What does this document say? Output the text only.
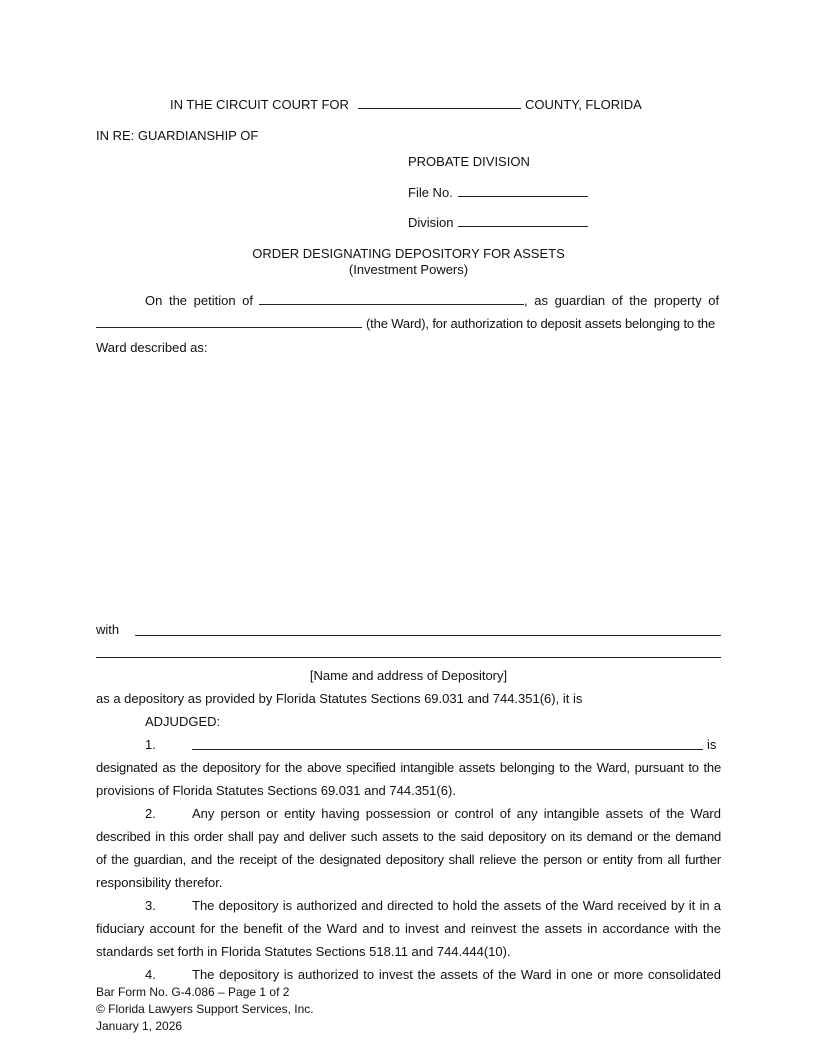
IN THE CIRCUIT COURT FOR	COUNTY, FLORIDA
IN RE: GUARDIANSHIP OF
PROBATE DIVISION
File No.
Division
ORDER DESIGNATING DEPOSITORY FOR ASSETS
(Investment Powers)
On the petition of	, as guardian of the property of
(the Ward), for authorization to deposit assets belonging to the
Ward described as:
with
[Name and address of Depository]
as a depository as provided by Florida Statutes Sections 69.031 and 744.351(6), it is
ADJUDGED:
1.	is
designated as the depository for the above specified intangible assets belonging to the Ward, pursuant to the
provisions of Florida Statutes Sections 69.031 and 744.351(6).
2.	Any person or entity having possession or control of any intangible assets of the Ward
described in this order shall pay and deliver such assets to the said depository on its demand or the demand
of the guardian, and the receipt of the designated depository shall relieve the person or entity from all further
responsibility therefor.
3.	The depository is authorized and directed to hold the assets of the Ward received by it in a
fiduciary account for the benefit of the Ward and to invest and reinvest the assets in accordance with the
standards set forth in Florida Statutes Sections 518.11 and 744.444(10).
4.	The depository is authorized to invest the assets of the Ward in one or more consolidated
Bar Form No. G-4.086 – Page 1 of 2
© Florida Lawyers Support Services, Inc.
January 1, 2026
